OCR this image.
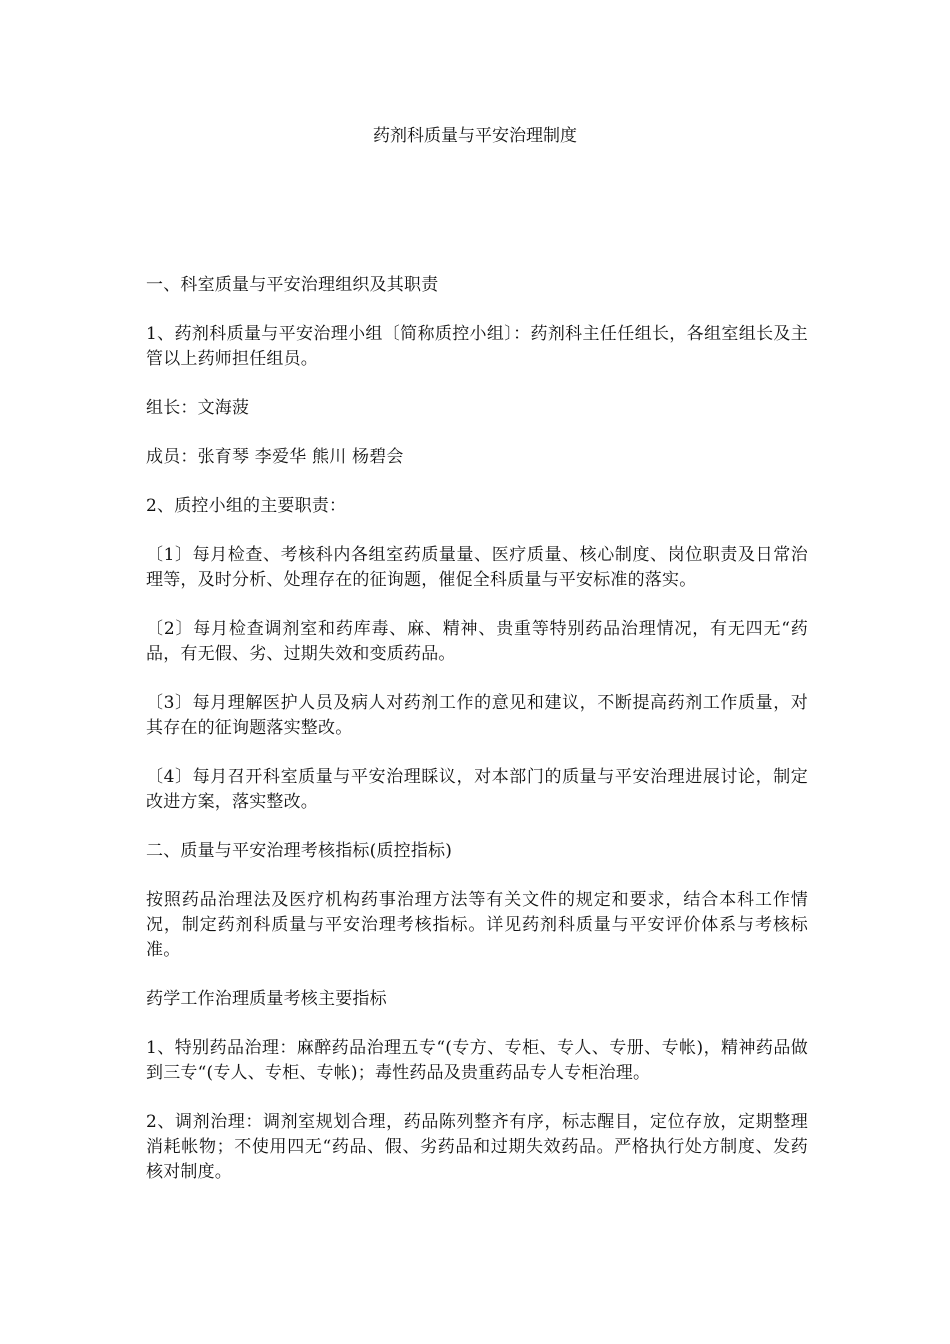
药剂科质量与平安治理制度

一、科室质量与平安治理组织及其职责

1、药剂科质量与平安治理小组〔简称质控小组〕：药剂科主任任组长，各组室组长及主管以上药师担任组员。

组长：文海菠

成员：张育琴 李爱华 熊川 杨碧会

2、质控小组的主要职责：

〔1〕每月检查、考核科内各组室药质量量、医疗质量、核心制度、岗位职责及日常治理等，及时分析、处理存在的征询题，催促全科质量与平安标准的落实。

〔2〕每月检查调剂室和药库毒、麻、精神、贵重等特别药品治理情况，有无四无“药品，有无假、劣、过期失效和变质药品。

〔3〕每月理解医护人员及病人对药剂工作的意见和建议，不断提高药剂工作质量，对其存在的征询题落实整改。

〔4〕每月召开科室质量与平安治理睬议，对本部门的质量与平安治理进展讨论，制定改进方案，落实整改。

二、质量与平安治理考核指标(质控指标)

按照药品治理法及医疗机构药事治理方法等有关文件的规定和要求，结合本科工作情况，制定药剂科质量与平安治理考核指标。详见药剂科质量与平安评价体系与考核标准。

药学工作治理质量考核主要指标

1、特别药品治理：麻醉药品治理五专“(专方、专柜、专人、专册、专帐)，精神药品做到三专“(专人、专柜、专帐)；毒性药品及贵重药品专人专柜治理。

2、调剂治理：调剂室规划合理，药品陈列整齐有序，标志醒目，定位存放，定期整理消耗帐物；不使用四无“药品、假、劣药品和过期失效药品。严格执行处方制度、发药核对制度。
